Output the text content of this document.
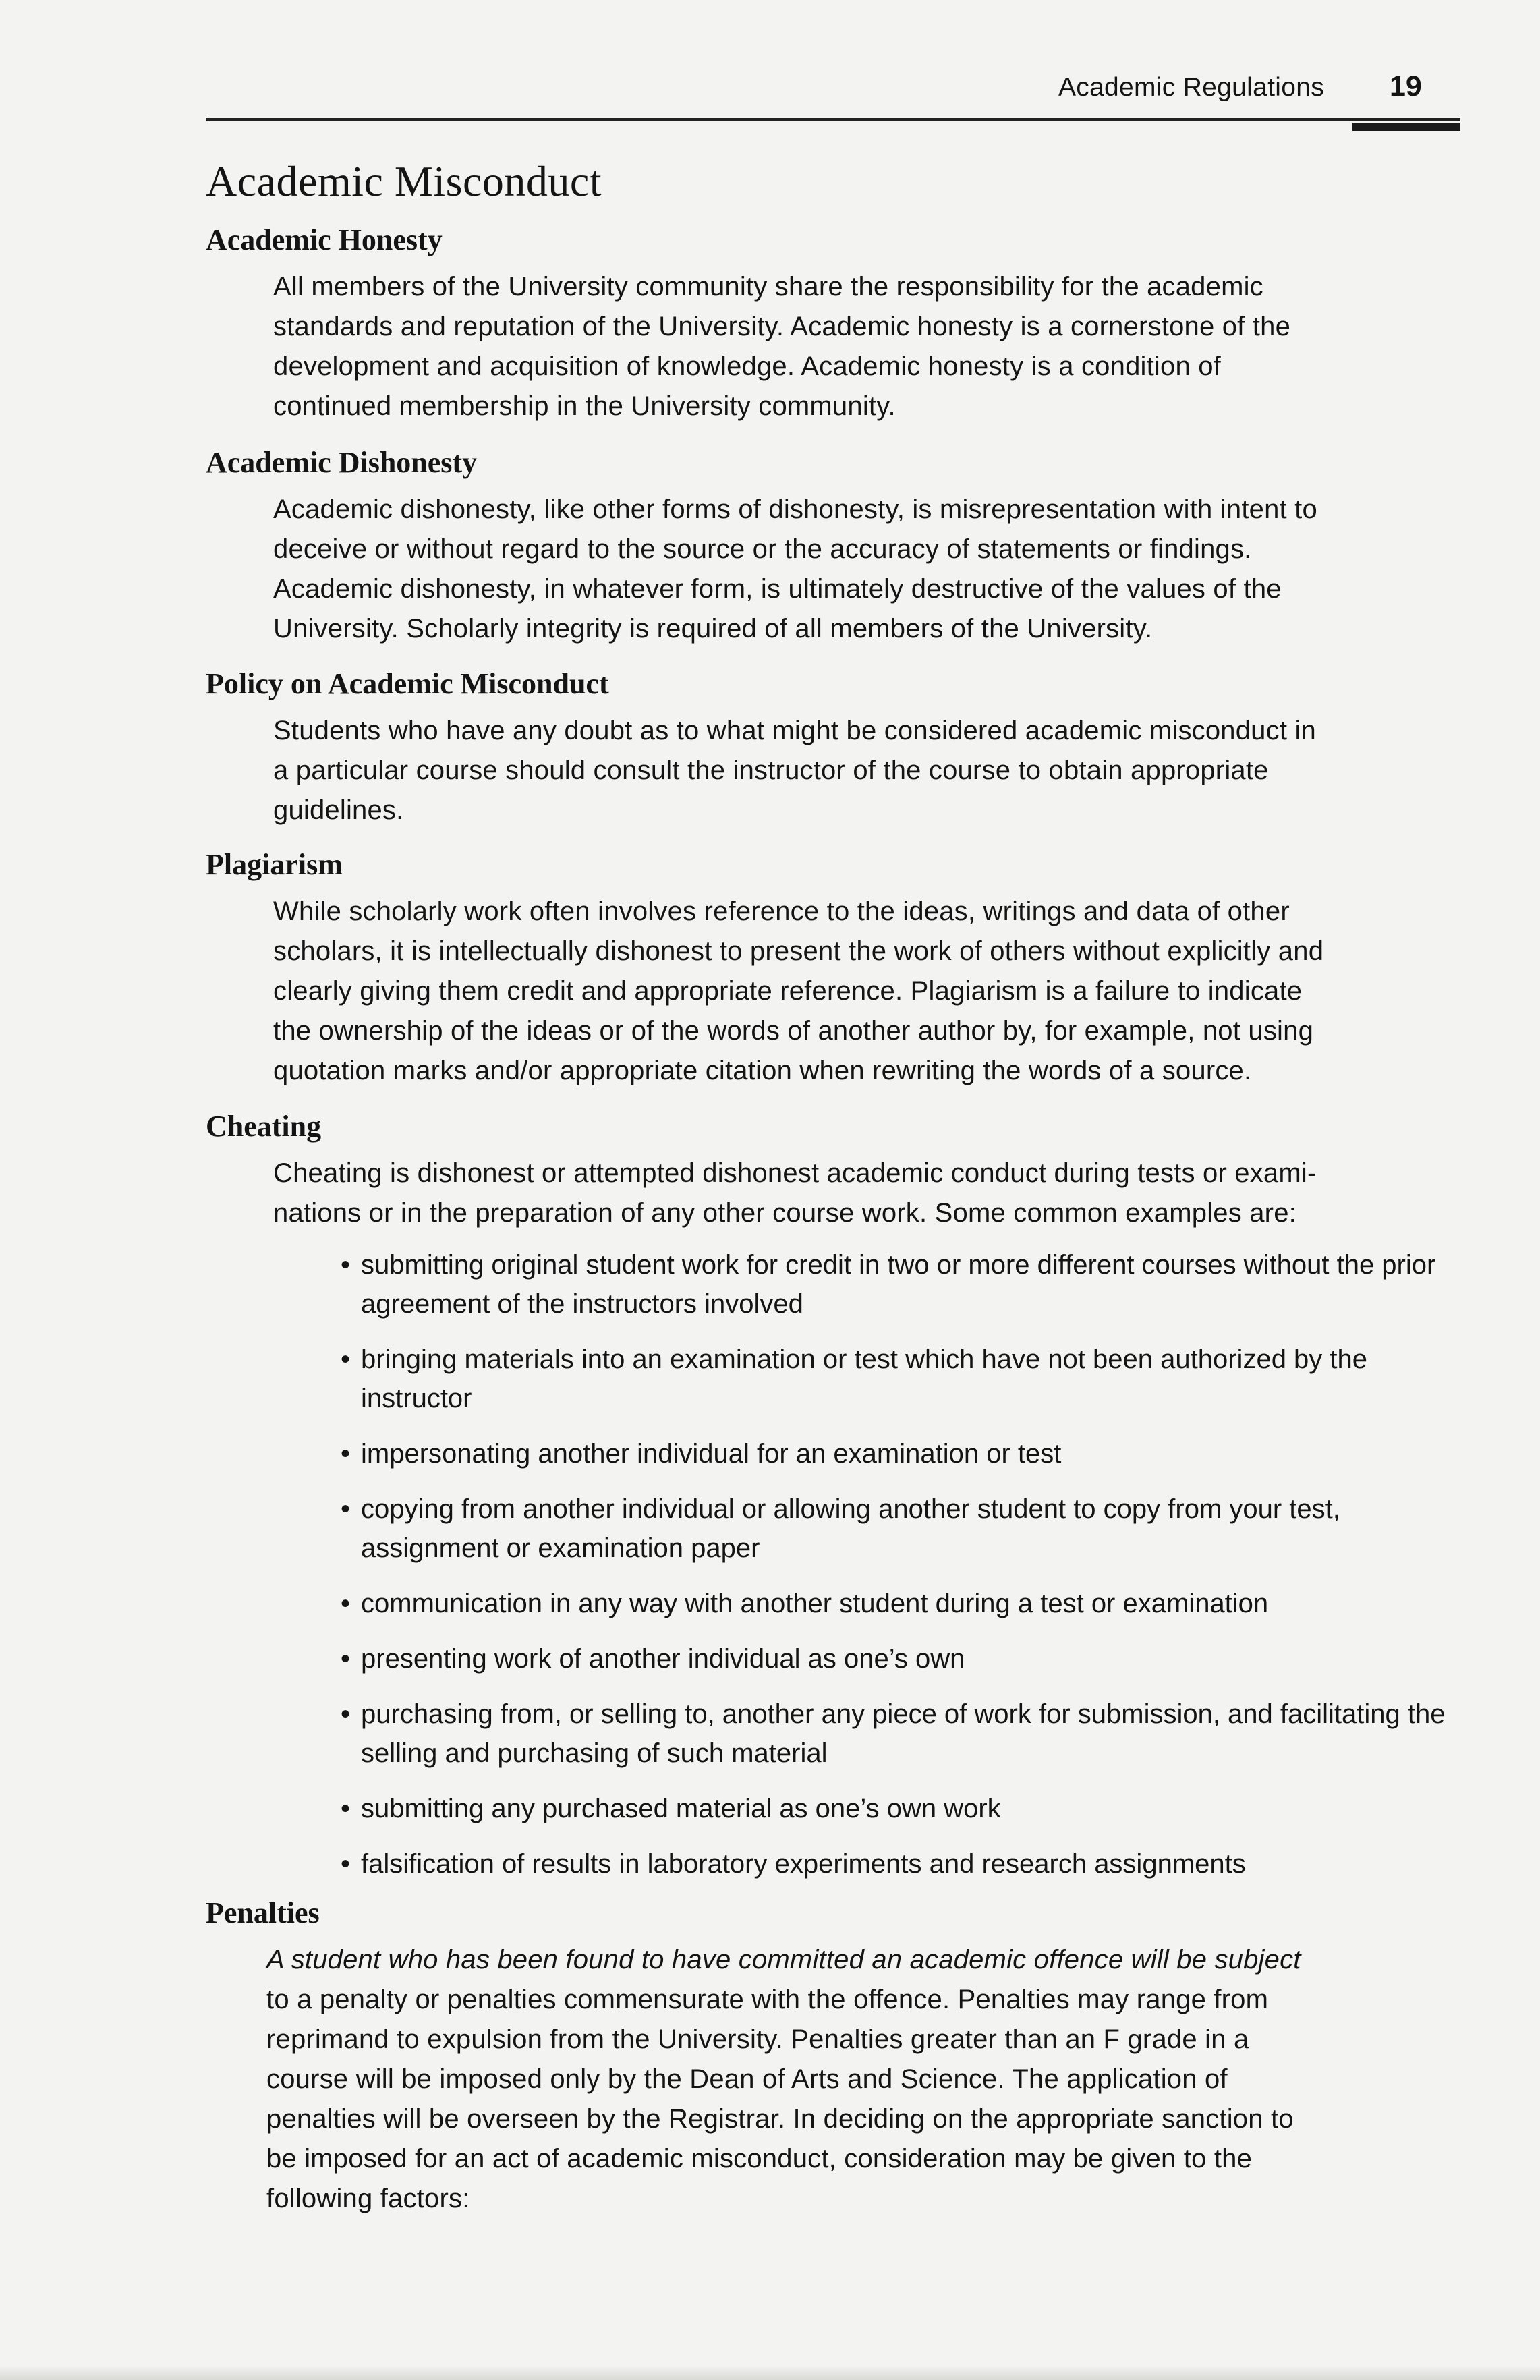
Academic Regulations 19
Academic Misconduct
Academic Honesty
All members of the University community share the responsibility for the academic
standards and reputation of the University. Academic honesty is a cornerstone of the
development and acquisition of knowledge. Academic honesty is a condition of
continued membership in the University community.
Academic Dishonesty
Academic dishonesty, like other forms of dishonesty, is misrepresentation with intent to
deceive or without regard to the source or the accuracy of statements or findings.
Academic dishonesty, in whatever form, is ultimately destructive of the values of the
University. Scholarly integrity is required of all members of the University.
Policy on Academic Misconduct
Students who have any doubt as to what might be considered academic misconduct in
a particular course should consult the instructor of the course to obtain appropriate
guidelines.
Plagiarism
While scholarly work often involves reference to the ideas, writings and data of other
scholars, it is intellectually dishonest to present the work of others without explicitly and
clearly giving them credit and appropriate reference. Plagiarism is a failure to indicate
the ownership of the ideas or of the words of another author by, for example, not using
quotation marks and/or appropriate citation when rewriting the words of a source.
Cheating
Cheating is dishonest or attempted dishonest academic conduct during tests or exami-
nations or in the preparation of any other course work. Some common examples are:
• submitting original student work for credit in two or more different courses without the prior agreement of the instructors involved
• bringing materials into an examination or test which have not been authorized by the instructor
• impersonating another individual for an examination or test
• copying from another individual or allowing another student to copy from your test, assignment or examination paper
• communication in any way with another student during a test or examination
• presenting work of another individual as one’s own
• purchasing from, or selling to, another any piece of work for submission, and facilitating the selling and purchasing of such material
• submitting any purchased material as one’s own work
• falsification of results in laboratory experiments and research assignments
Penalties
A student who has been found to have committed an academic offence will be subject
to a penalty or penalties commensurate with the offence. Penalties may range from
reprimand to expulsion from the University. Penalties greater than an F grade in a
course will be imposed only by the Dean of Arts and Science. The application of
penalties will be overseen by the Registrar. In deciding on the appropriate sanction to
be imposed for an act of academic misconduct, consideration may be given to the
following factors:
